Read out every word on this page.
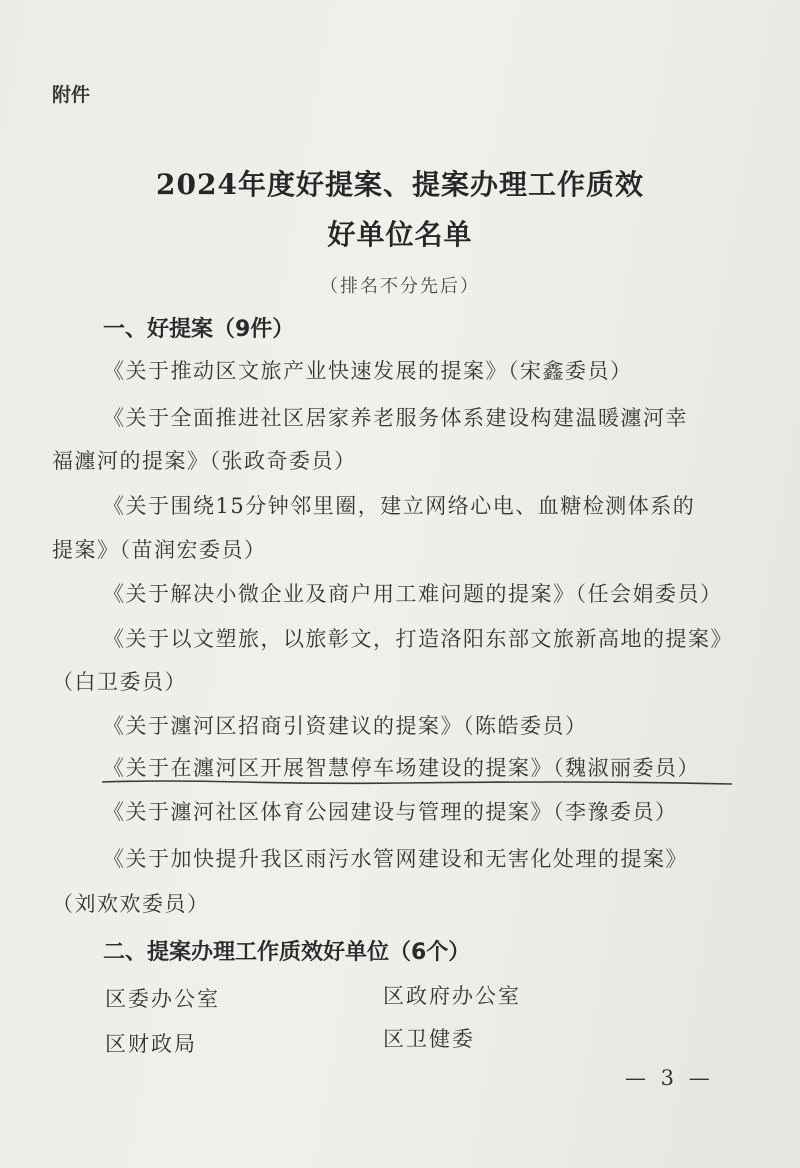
附件
2024年度好提案、提案办理工作质效
好单位名单
（排名不分先后）
一、好提案（9件）
《关于推动区文旅产业快速发展的提案》（宋鑫委员）
《关于全面推进社区居家养老服务体系建设构建温暖瀍河幸
福瀍河的提案》（张政奇委员）
《关于围绕15分钟邻里圈，建立网络心电、血糖检测体系的
提案》（苗润宏委员）
《关于解决小微企业及商户用工难问题的提案》（任会娟委员）
《关于以文塑旅，以旅彰文，打造洛阳东部文旅新高地的提案》
（白卫委员）
《关于瀍河区招商引资建议的提案》（陈皓委员）
《关于在瀍河区开展智慧停车场建设的提案》（魏淑丽委员）
《关于瀍河社区体育公园建设与管理的提案》（李豫委员）
《关于加快提升我区雨污水管网建设和无害化处理的提案》
（刘欢欢委员）
二、提案办理工作质效好单位（6个）
区委办公室	区政府办公室
区财政局	区卫健委
— 3 —
